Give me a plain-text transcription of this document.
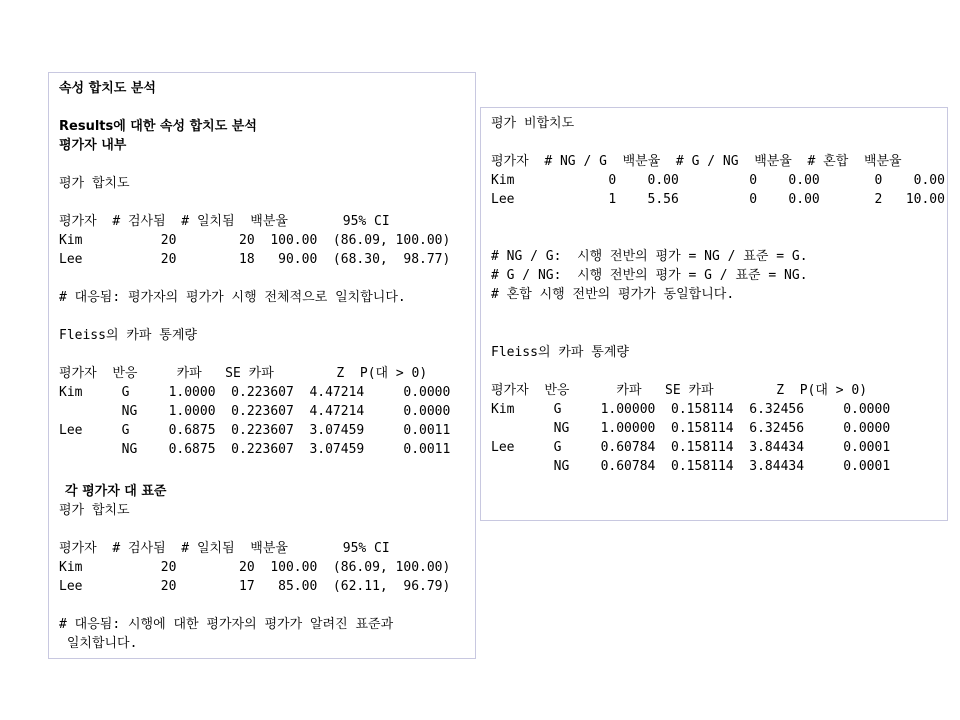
속성 합치도 분석
Results에 대한 속성 합치도 분석
평가자 내부
평가 합치도
평가자  # 검사됨  # 일치됨  백분율       95% CI
Kim          20        20  100.00  (86.09, 100.00)
Lee          20        18   90.00  (68.30,  98.77)
# 대응됨: 평가자의 평가가 시행 전체적으로 일치합니다.
Fleiss의 카파 통계량
평가자  반응     카파   SE 카파        Z  P(대 > 0)
Kim     G     1.0000  0.223607  4.47214     0.0000
NG    1.0000  0.223607  4.47214     0.0000
Lee     G     0.6875  0.223607  3.07459     0.0011
NG    0.6875  0.223607  3.07459     0.0011
각 평가자 대 표준
평가 합치도
평가자  # 검사됨  # 일치됨  백분율       95% CI
Kim          20        20  100.00  (86.09, 100.00)
Lee          20        17   85.00  (62.11,  96.79)
# 대응됨: 시행에 대한 평가자의 평가가 알려진 표준과
일치합니다.
평가 비합치도
평가자  # NG / G  백분율  # G / NG  백분율  # 혼합  백분율
Kim            0    0.00         0    0.00       0    0.00
Lee            1    5.56         0    0.00       2   10.00
# NG / G:  시행 전반의 평가 = NG / 표준 = G.
# G / NG:  시행 전반의 평가 = G / 표준 = NG.
# 혼합 시행 전반의 평가가 동일합니다.
Fleiss의 카파 통계량
평가자  반응      카파   SE 카파        Z  P(대 > 0)
Kim     G     1.00000  0.158114  6.32456     0.0000
NG    1.00000  0.158114  6.32456     0.0000
Lee     G     0.60784  0.158114  3.84434     0.0001
NG    0.60784  0.158114  3.84434     0.0001
